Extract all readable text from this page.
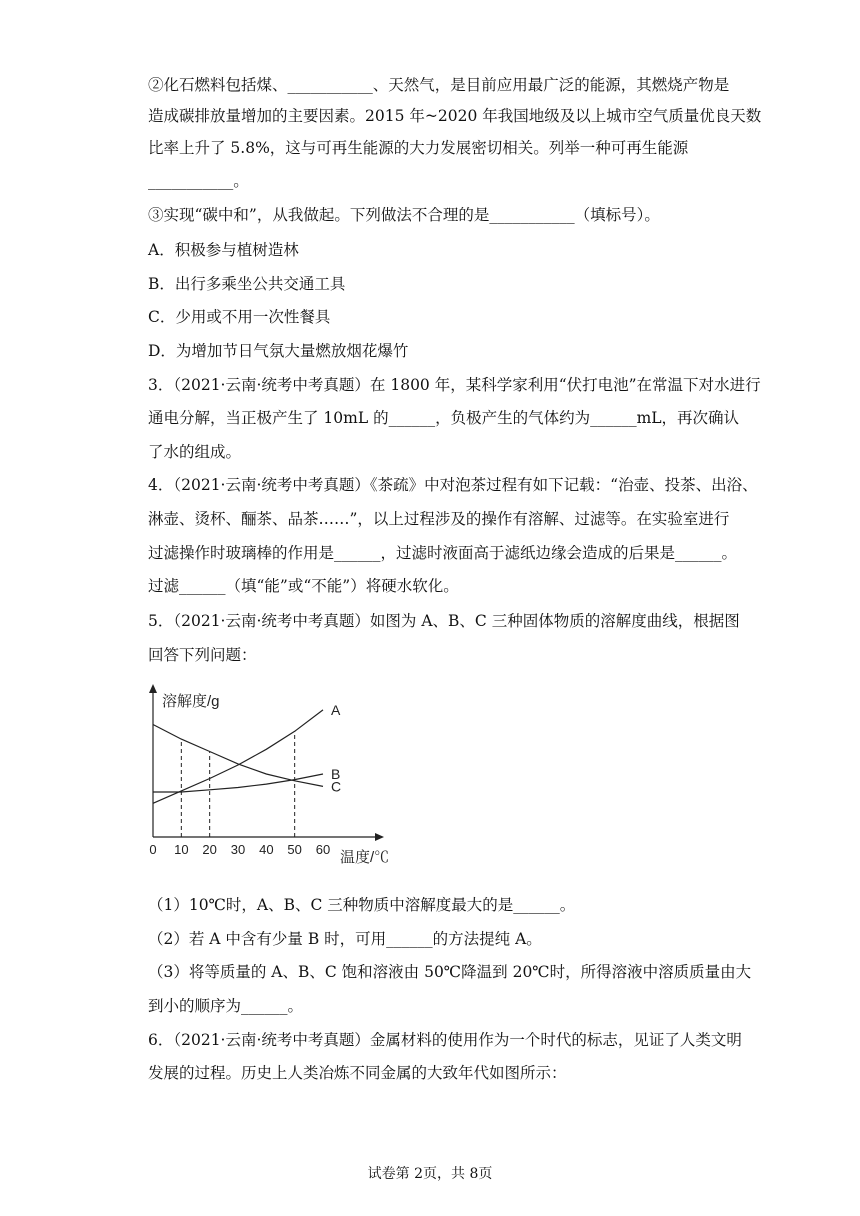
②化石燃料包括煤、___________、天然气，是目前应用最广泛的能源，其燃烧产物是
造成碳排放量增加的主要因素。2015 年~2020 年我国地级及以上城市空气质量优良天数
比率上升了 5.8%，这与可再生能源的大力发展密切相关。列举一种可再生能源
___________。
③实现“碳中和”，从我做起。下列做法不合理的是___________（填标号）。
A．积极参与植树造林
B．出行多乘坐公共交通工具
C．少用或不用一次性餐具
D．为增加节日气氛大量燃放烟花爆竹
3．（2021·云南·统考中考真题）在 1800 年，某科学家利用“伏打电池”在常温下对水进行
通电分解，当正极产生了 10mL 的______，负极产生的气体约为______mL，再次确认
了水的组成。
4．（2021·云南·统考中考真题）《茶疏》中对泡茶过程有如下记载：“治壶、投茶、出浴、
淋壶、烫杯、酾茶、品茶……”，以上过程涉及的操作有溶解、过滤等。在实验室进行
过滤操作时玻璃棒的作用是______，过滤时液面高于滤纸边缘会造成的后果是______。
过滤______（填“能”或“不能”）将硬水软化。
5．（2021·云南·统考中考真题）如图为 A、B、C 三种固体物质的溶解度曲线，根据图
回答下列问题：
（1）10℃时，A、B、C 三种物质中溶解度最大的是______。
（2）若 A 中含有少量 B 时，可用______的方法提纯 A。
（3）将等质量的 A、B、C 饱和溶液由 50℃降温到 20℃时，所得溶液中溶质质量由大
到小的顺序为______。
6．（2021·云南·统考中考真题）金属材料的使用作为一个时代的标志，见证了人类文明
发展的过程。历史上人类冶炼不同金属的大致年代如图所示：
溶解度/g
温度/℃
A
B
C
0 10 20 30 40 50 60
试卷第 2页，共 8页
